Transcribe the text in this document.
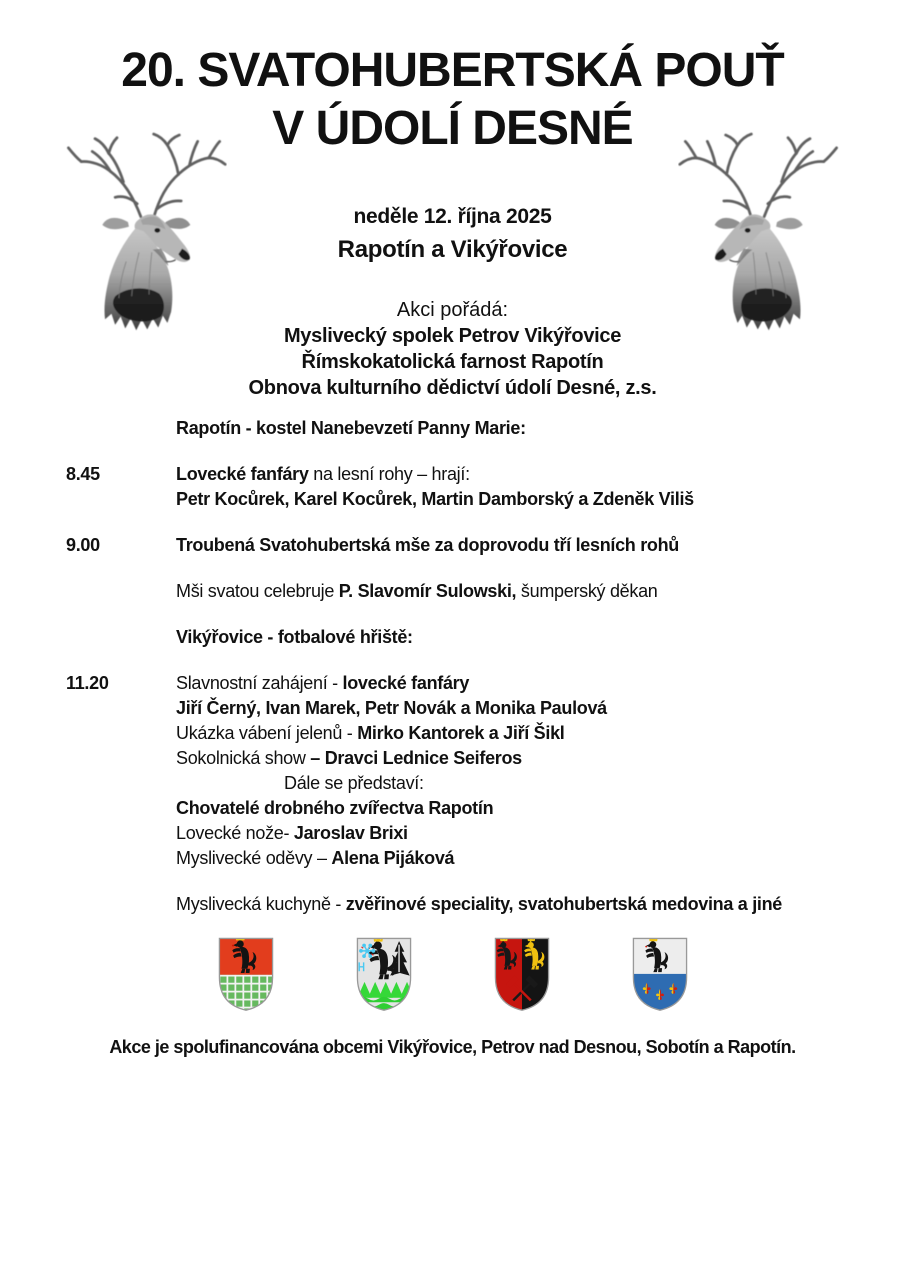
20. SVATOHUBERTSKÁ POUŤ
V ÚDOLÍ DESNÉ
neděle 12. října 2025
Rapotín a Vikýřovice
Akci pořádá:
Myslivecký spolek Petrov Vikýřovice
Římskokatolická farnost Rapotín
Obnova kulturního dědictví údolí Desné, z.s.
Rapotín - kostel Nanebevzetí Panny Marie:
8.45	Lovecké fanfáry na lesní rohy – hrají:
Petr Kocůrek, Karel Kocůrek, Martin Damborský a Zdeněk Viliš
9.00	Troubená Svatohubertská mše za doprovodu tří lesních rohů
Mši svatou celebruje P. Slavomír Sulowski, šumperský děkan
Vikýřovice - fotbalové hřiště:
11.20	Slavnostní zahájení - lovecké fanfáry
Jiří Černý, Ivan Marek, Petr Novák a Monika Paulová
Ukázka vábení jelenů - Mirko Kantorek a Jiří Šikl
Sokolnická show – Dravci Lednice Seiferos
Dále se představí:
Chovatelé drobného zvířectva Rapotín
Lovecké nože- Jaroslav Brixi
Myslivecké oděvy – Alena Pijáková
Myslivecká kuchyně - zvěřinové speciality, svatohubertská medovina a jiné
Akce je spolufinancována obcemi Vikýřovice, Petrov nad Desnou, Sobotín a Rapotín.
